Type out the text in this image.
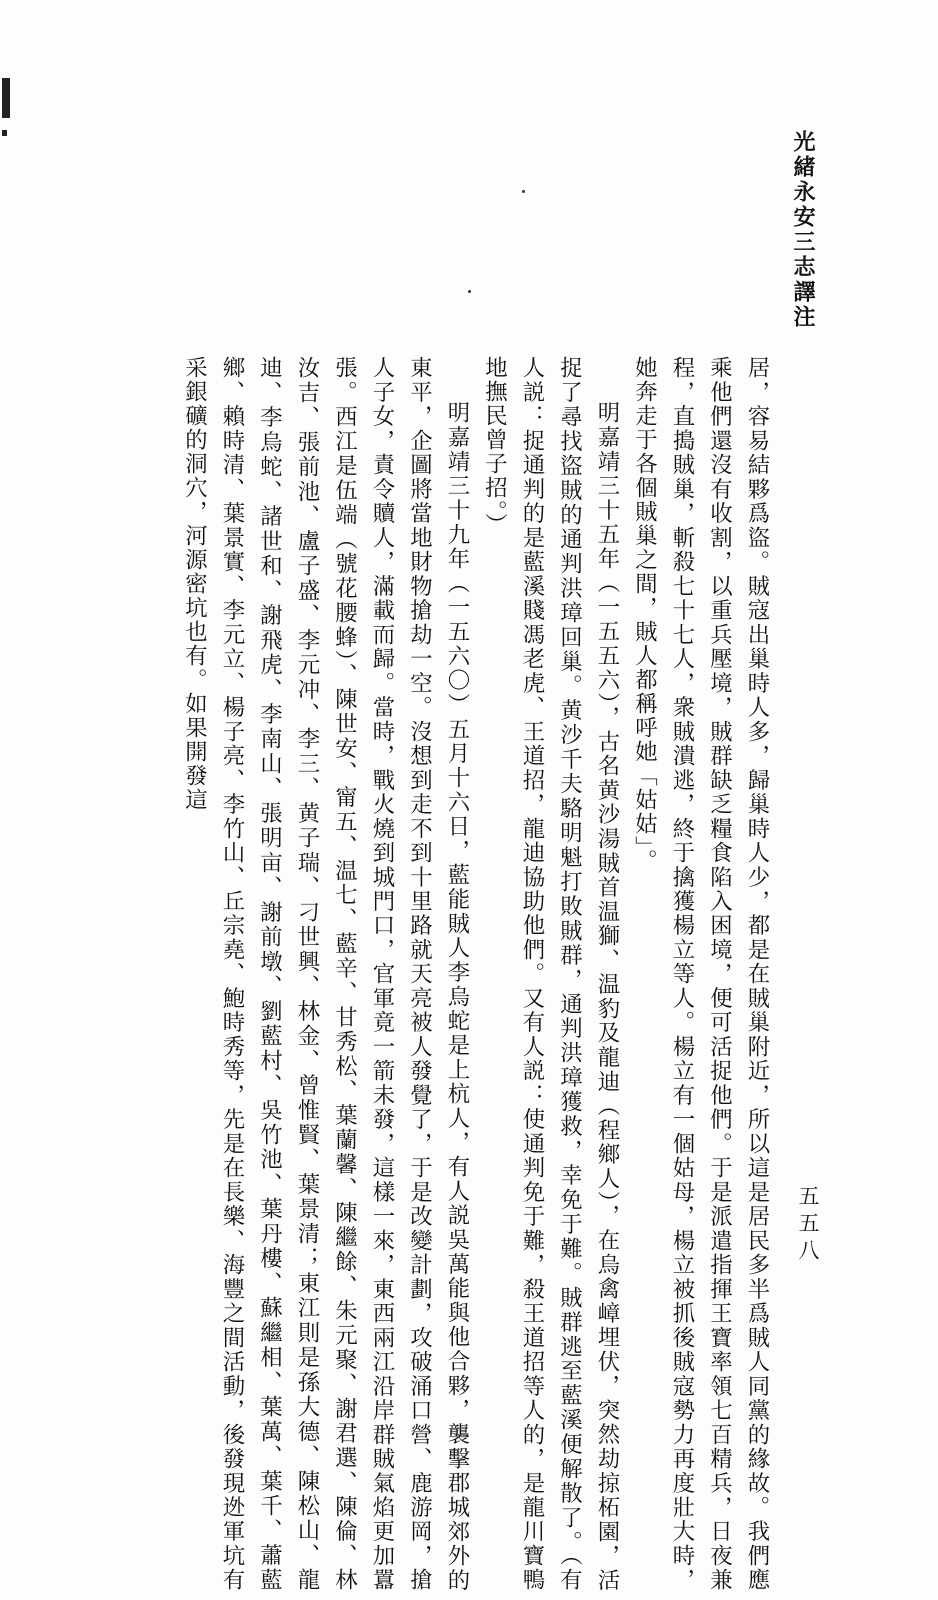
光緒永安三志譯注
五五八

居，容易結夥爲盜。賊寇出巢時人多，歸巢時人少，都是在賊巢附近，所以這是居民多半爲賊人同黨的緣故。我們應乘他們還沒有收割，以重兵壓境，賊群缺乏糧食陷入困境，便可活捉他們。于是派遣指揮王寶率領七百精兵，日夜兼程，直搗賊巢，斬殺七十七人，衆賊潰逃，終于擒獲楊立等人。楊立有一個姑母，楊立被抓後賊寇勢力再度壯大時，她奔走于各個賊巢之間，賊人都稱呼她「姑姑」。

明嘉靖三十五年（一五五六），古名黄沙湯賊首温獅、温豹及龍迪（程鄉人），在烏禽嶂埋伏，突然劫掠柘園，活捉了尋找盜賊的通判洪璋回巢。黄沙千夫駱明魁打敗賊群，通判洪璋獲救，幸免于難。賊群逃至藍溪便解散了。（有人説：捉通判的是藍溪賤馮老虎、王道招，龍迪協助他們。又有人説：使通判免于難，殺王道招等人的，是龍川寶鴨地撫民曾子招。）

明嘉靖三十九年（一五六〇）五月十六日，藍能賊人李烏蛇是上杭人，有人説吳萬能與他合夥，襲擊郡城郊外的東平，企圖將當地財物搶劫一空。沒想到走不到十里路就天亮被人發覺了，于是改變計劃，攻破涌口營、鹿游岡，搶人子女，責令贖人，滿載而歸。當時，戰火燒到城門口，官軍竟一箭未發，這樣一來，東西兩江沿岸群賊氣焰更加囂張。西江是伍端（號花腰蜂）、陳世安、甯五、温七、藍辛、甘秀松、葉蘭馨、陳繼餘、朱元聚、謝君選、陳倫、林汝吉、張前池、盧子盛、李元冲、李三、黄子瑞、刁世興、林金、曾惟賢、葉景清；東江則是孫大德、陳松山、龍迪、李烏蛇、諸世和、謝飛虎、李南山、張明亩、謝前墩、劉藍村、吳竹池、葉丹樓、蘇繼相、葉萬、葉千、蕭藍鄉、賴時清、葉景實、李元立、楊子亮、李竹山、丘宗堯、鮑時秀等，先是在長樂、海豐之間活動，後發現迯軍坑有采銀礦的洞穴，河源密坑也有。如果開發這
